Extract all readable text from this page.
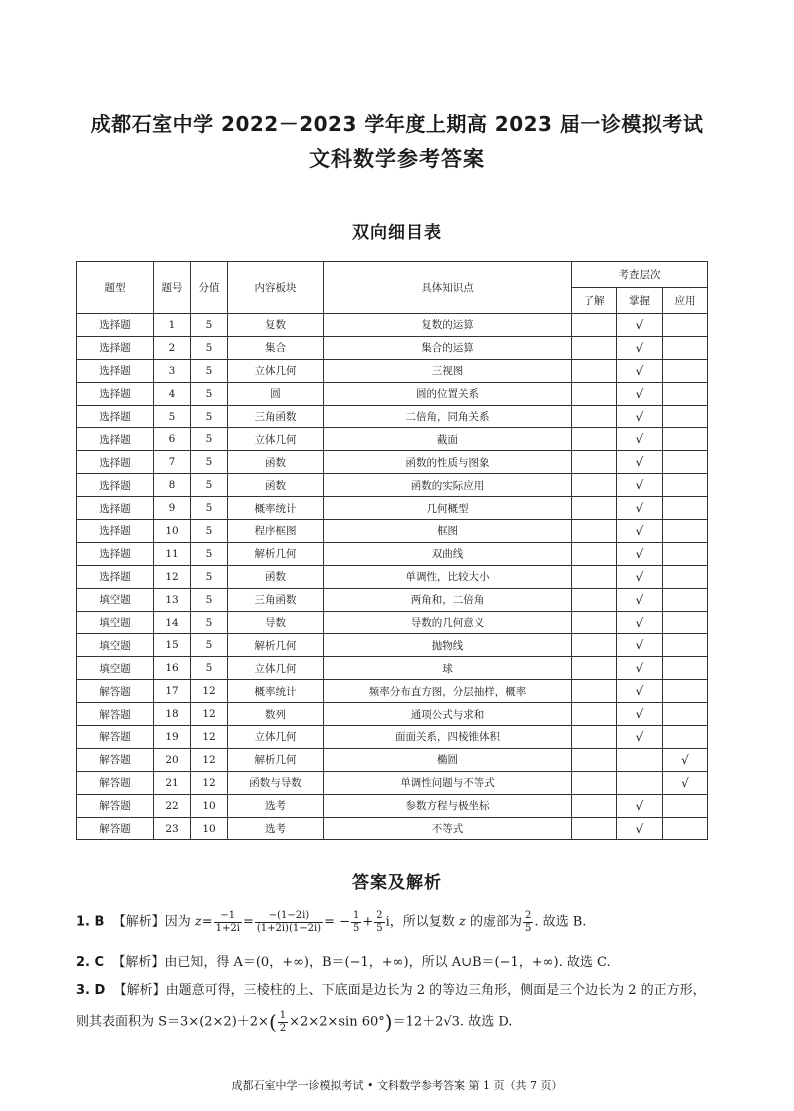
成都石室中学 2022－2023 学年度上期高 2023 届一诊模拟考试
文科数学参考答案
双向细目表
题型	题号	分值	内容板块	具体知识点	考查层次		
					了解	掌握	应用
选择题	1	5	复数	复数的运算		√	
选择题	2	5	集合	集合的运算		√	
选择题	3	5	立体几何	三视图		√	
选择题	4	5	圆	圆的位置关系		√	
选择题	5	5	三角函数	二倍角，同角关系		√	
选择题	6	5	立体几何	截面		√	
选择题	7	5	函数	函数的性质与图象		√	
选择题	8	5	函数	函数的实际应用		√	
选择题	9	5	概率统计	几何概型		√	
选择题	10	5	程序框图	框图		√	
选择题	11	5	解析几何	双曲线		√	
选择题	12	5	函数	单调性，比较大小		√	
填空题	13	5	三角函数	两角和，二倍角		√	
填空题	14	5	导数	导数的几何意义		√	
填空题	15	5	解析几何	抛物线		√	
填空题	16	5	立体几何	球		√	
解答题	17	12	概率统计	频率分布直方图，分层抽样，概率		√	
解答题	18	12	数列	通项公式与求和		√	
解答题	19	12	立体几何	面面关系，四棱锥体积		√	
解答题	20	12	解析几何	椭圆			√
解答题	21	12	函数与导数	单调性问题与不等式			√
解答题	22	10	选考	参数方程与极坐标		√	
解答题	23	10	选考	不等式		√	
答案及解析
1. B 【解析】因为 $z= \frac{-1}{1+2i} = \frac{-(1-2i)}{(1+2i)(1-2i)}$ = − $\frac{1}{5} + \frac{2}{5}$ i，所以复数 z 的虚部为 $\frac{2}{5}$ . 故选 B.
2. C 【解析】由已知，得 A＝(0，+∞)，B＝(−1，+∞)，所以 A∪B＝(−1，+∞). 故选 C.
3. D 【解析】由题意可得，三棱柱的上、下底面是边长为 2 的等边三角形，侧面是三个边长为 2 的正方形，
则其表面积为 $S=3\times(2\times 2)+2\times( \frac{1}{2} \times 2\times 2\times\sin$ 60°)＝12＋2√3. 故选 D.
成都石室中学一诊模拟考试 • 文科数学参考答案 第 1 页（共 7 页）
